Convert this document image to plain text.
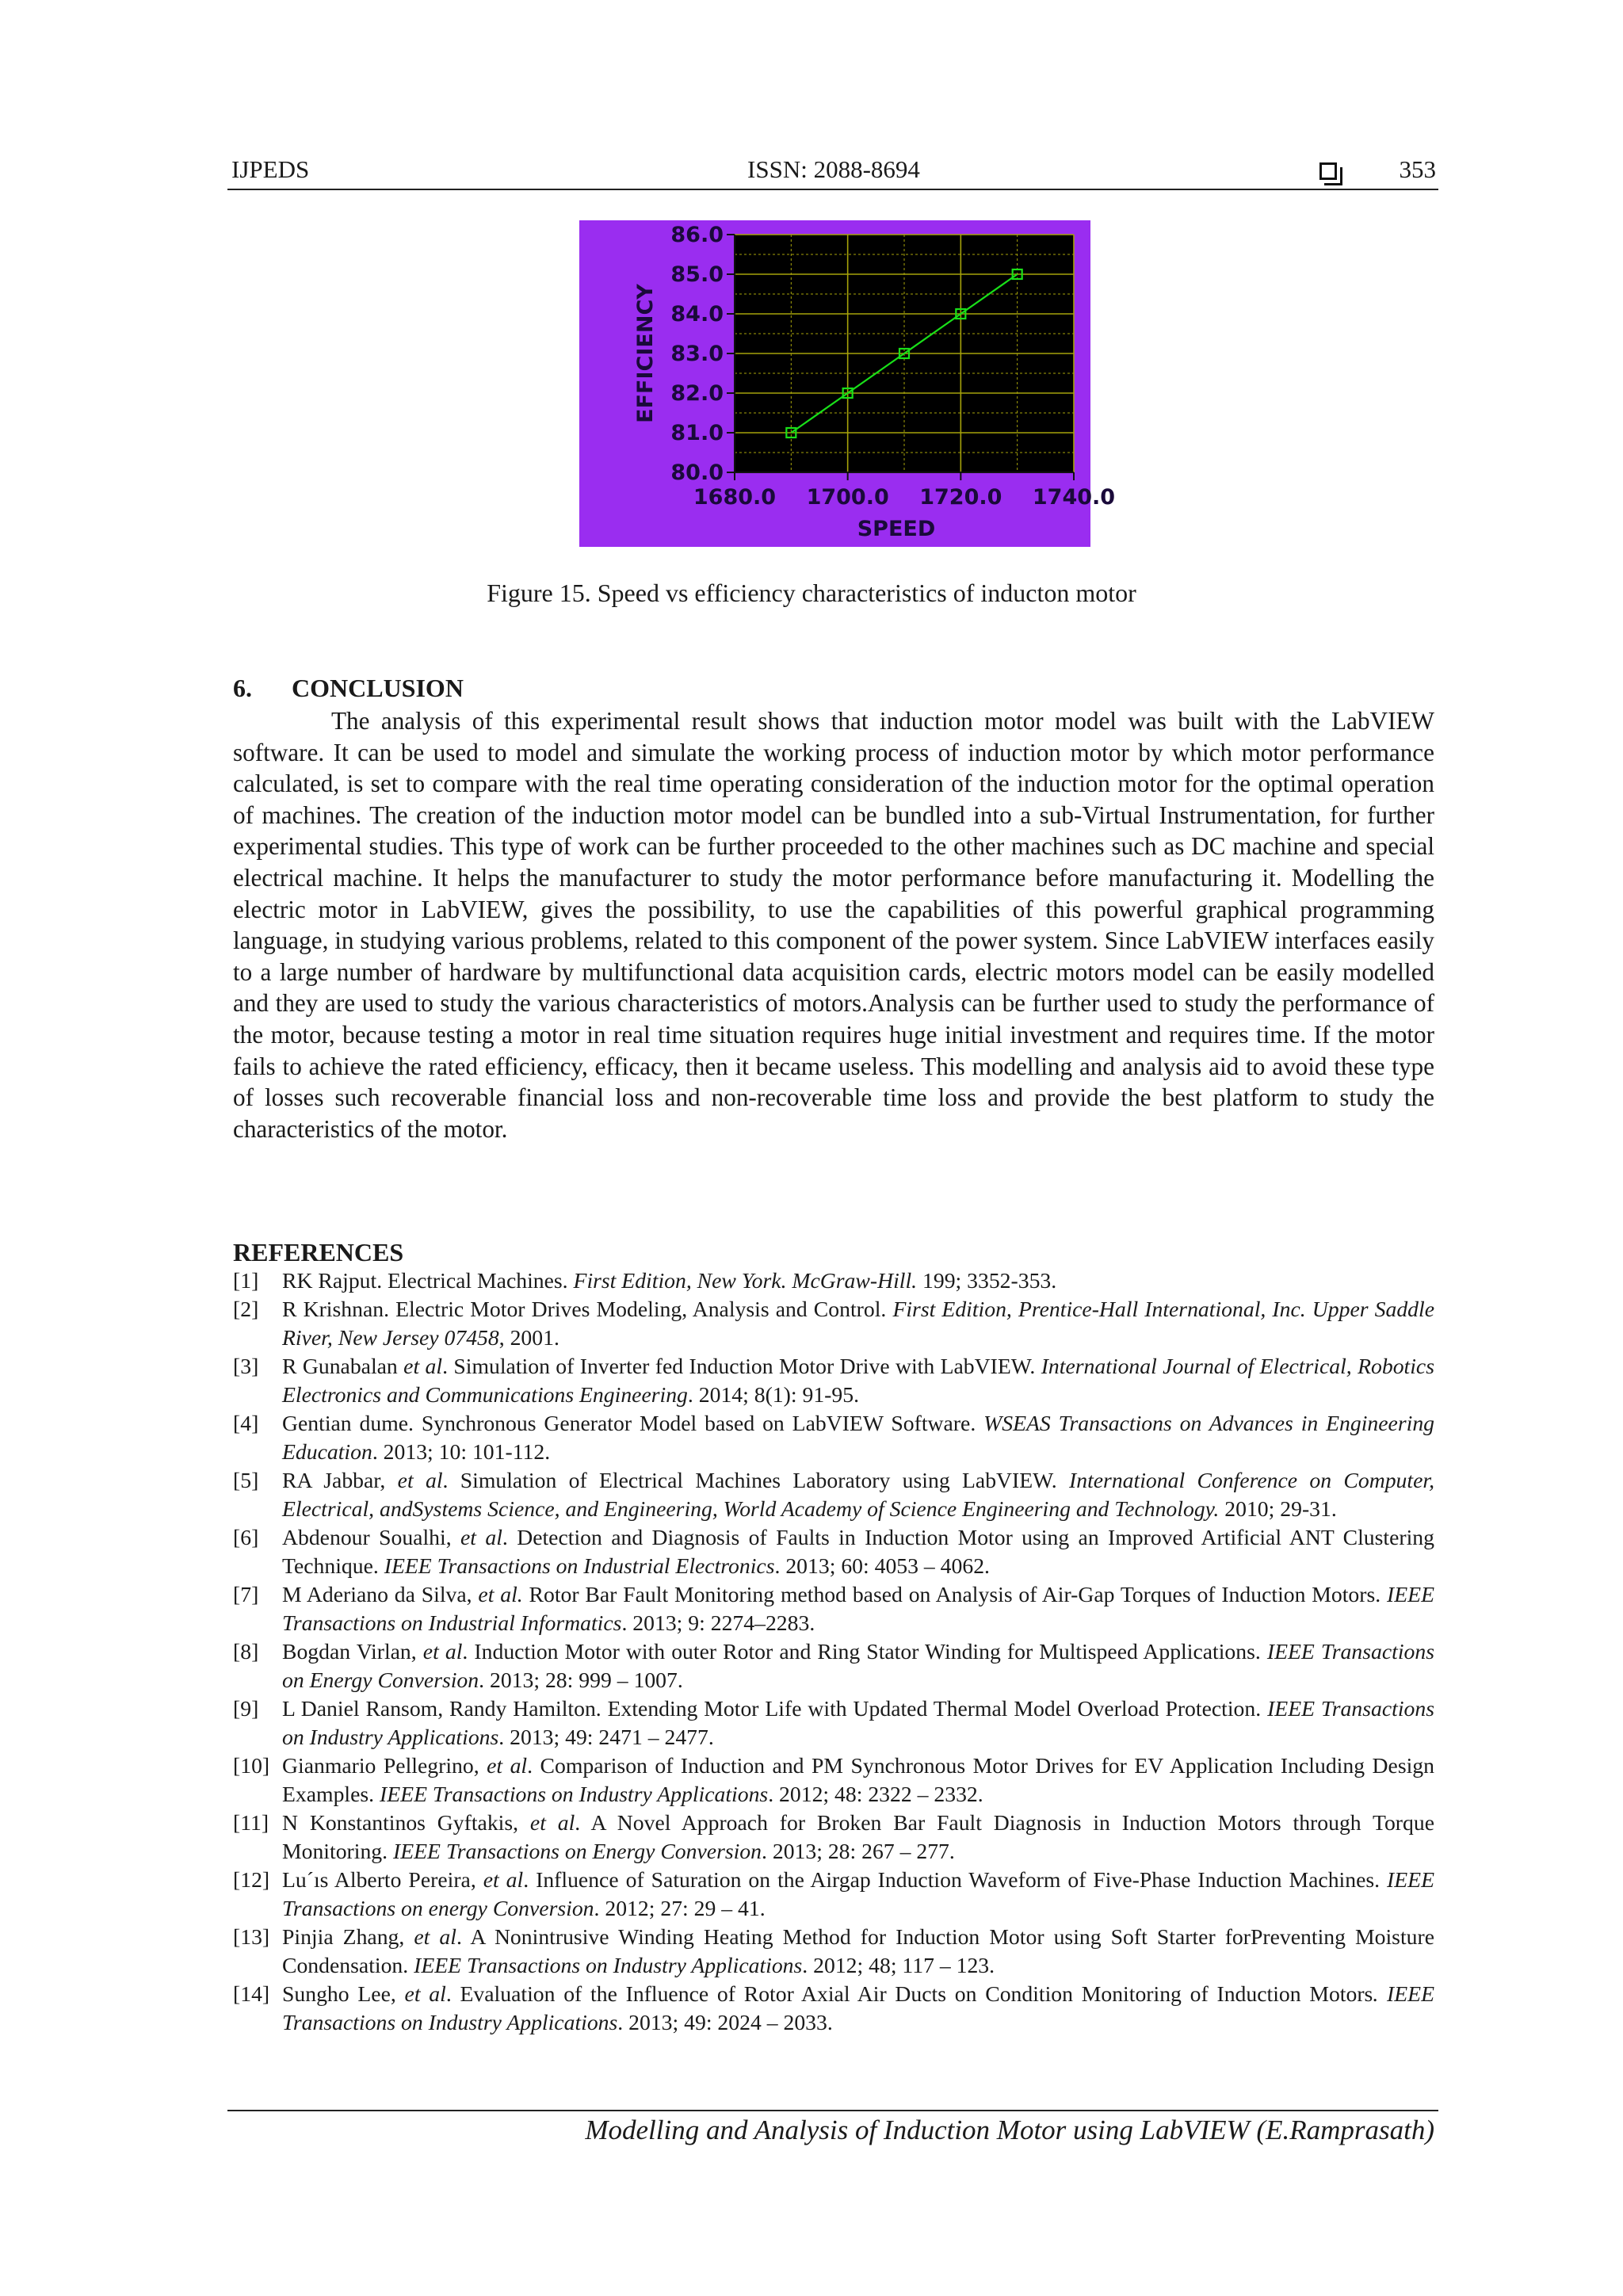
IJPEDS	ISSN: 2088-8694	353
86.0
85.0
84.0
83.0
82.0
81.0
80.0
1680.0 1700.0 1720.0 1740.0
SPEED
EFFICIENCY
Figure 15. Speed vs efficiency characteristics of inducton motor
6. CONCLUSION

The analysis of this experimental result shows that induction motor model was built with the LabVIEW software. It can be used to model and simulate the working process of induction motor by which motor performance calculated, is set to compare with the real time operating consideration of the induction motor for the optimal operation of machines. The creation of the induction motor model can be bundled into a sub-Virtual Instrumentation, for further experimental studies. This type of work can be further proceeded to the other machines such as DC machine and special electrical machine. It helps the manufacturer to study the motor performance before manufacturing it. Modelling the electric motor in LabVIEW, gives the possibility, to use the capabilities of this powerful graphical programming language, in studying various problems, related to this component of the power system. Since LabVIEW interfaces easily to a large number of hardware by multifunctional data acquisition cards, electric motors model can be easily modelled and they are used to study the various characteristics of motors.Analysis can be further used to study the performance of the motor, because testing a motor in real time situation requires huge initial investment and requires time. If the motor fails to achieve the rated efficiency, efficacy, then it became useless. This modelling and analysis aid to avoid these type of losses such recoverable financial loss and non-recoverable time loss and provide the best platform to study the characteristics of the motor.

REFERENCES
[1] RK Rajput. Electrical Machines. First Edition, New York. McGraw-Hill. 199; 3352-353.
[2] R Krishnan. Electric Motor Drives Modeling, Analysis and Control. First Edition, Prentice-Hall International, Inc. Upper Saddle River, New Jersey 07458, 2001.
[3] R Gunabalan et al. Simulation of Inverter fed Induction Motor Drive with LabVIEW. International Journal of Electrical, Robotics Electronics and Communications Engineering. 2014; 8(1): 91-95.
[4] Gentian dume. Synchronous Generator Model based on LabVIEW Software. WSEAS Transactions on Advances in Engineering Education. 2013; 10: 101-112.
[5] RA Jabbar, et al. Simulation of Electrical Machines Laboratory using LabVIEW. International Conference on Computer, Electrical, andSystems Science, and Engineering, World Academy of Science Engineering and Technology. 2010; 29-31.
[6] Abdenour Soualhi, et al. Detection and Diagnosis of Faults in Induction Motor using an Improved Artificial ANT Clustering Technique. IEEE Transactions on Industrial Electronics. 2013; 60: 4053 – 4062.
[7] M Aderiano da Silva, et al. Rotor Bar Fault Monitoring method based on Analysis of Air-Gap Torques of Induction Motors. IEEE Transactions on Industrial Informatics. 2013; 9: 2274–2283.
[8] Bogdan Virlan, et al. Induction Motor with outer Rotor and Ring Stator Winding for Multispeed Applications. IEEE Transactions on Energy Conversion. 2013; 28: 999 – 1007.
[9] L Daniel Ransom, Randy Hamilton. Extending Motor Life with Updated Thermal Model Overload Protection. IEEE Transactions on Industry Applications. 2013; 49: 2471 – 2477.
[10] Gianmario Pellegrino, et al. Comparison of Induction and PM Synchronous Motor Drives for EV Application Including Design Examples. IEEE Transactions on Industry Applications. 2012; 48: 2322 – 2332.
[11] N Konstantinos Gyftakis, et al. A Novel Approach for Broken Bar Fault Diagnosis in Induction Motors through Torque Monitoring. IEEE Transactions on Energy Conversion. 2013; 28: 267 – 277.
[12] Lu´ıs Alberto Pereira, et al. Influence of Saturation on the Airgap Induction Waveform of Five-Phase Induction Machines. IEEE Transactions on energy Conversion. 2012; 27: 29 – 41.
[13] Pinjia Zhang, et al. A Nonintrusive Winding Heating Method for Induction Motor using Soft Starter forPreventing Moisture Condensation. IEEE Transactions on Industry Applications. 2012; 48; 117 – 123.
[14] Sungho Lee, et al. Evaluation of the Influence of Rotor Axial Air Ducts on Condition Monitoring of Induction Motors. IEEE Transactions on Industry Applications. 2013; 49: 2024 – 2033.
Modelling and Analysis of Induction Motor using LabVIEW (E.Ramprasath)
